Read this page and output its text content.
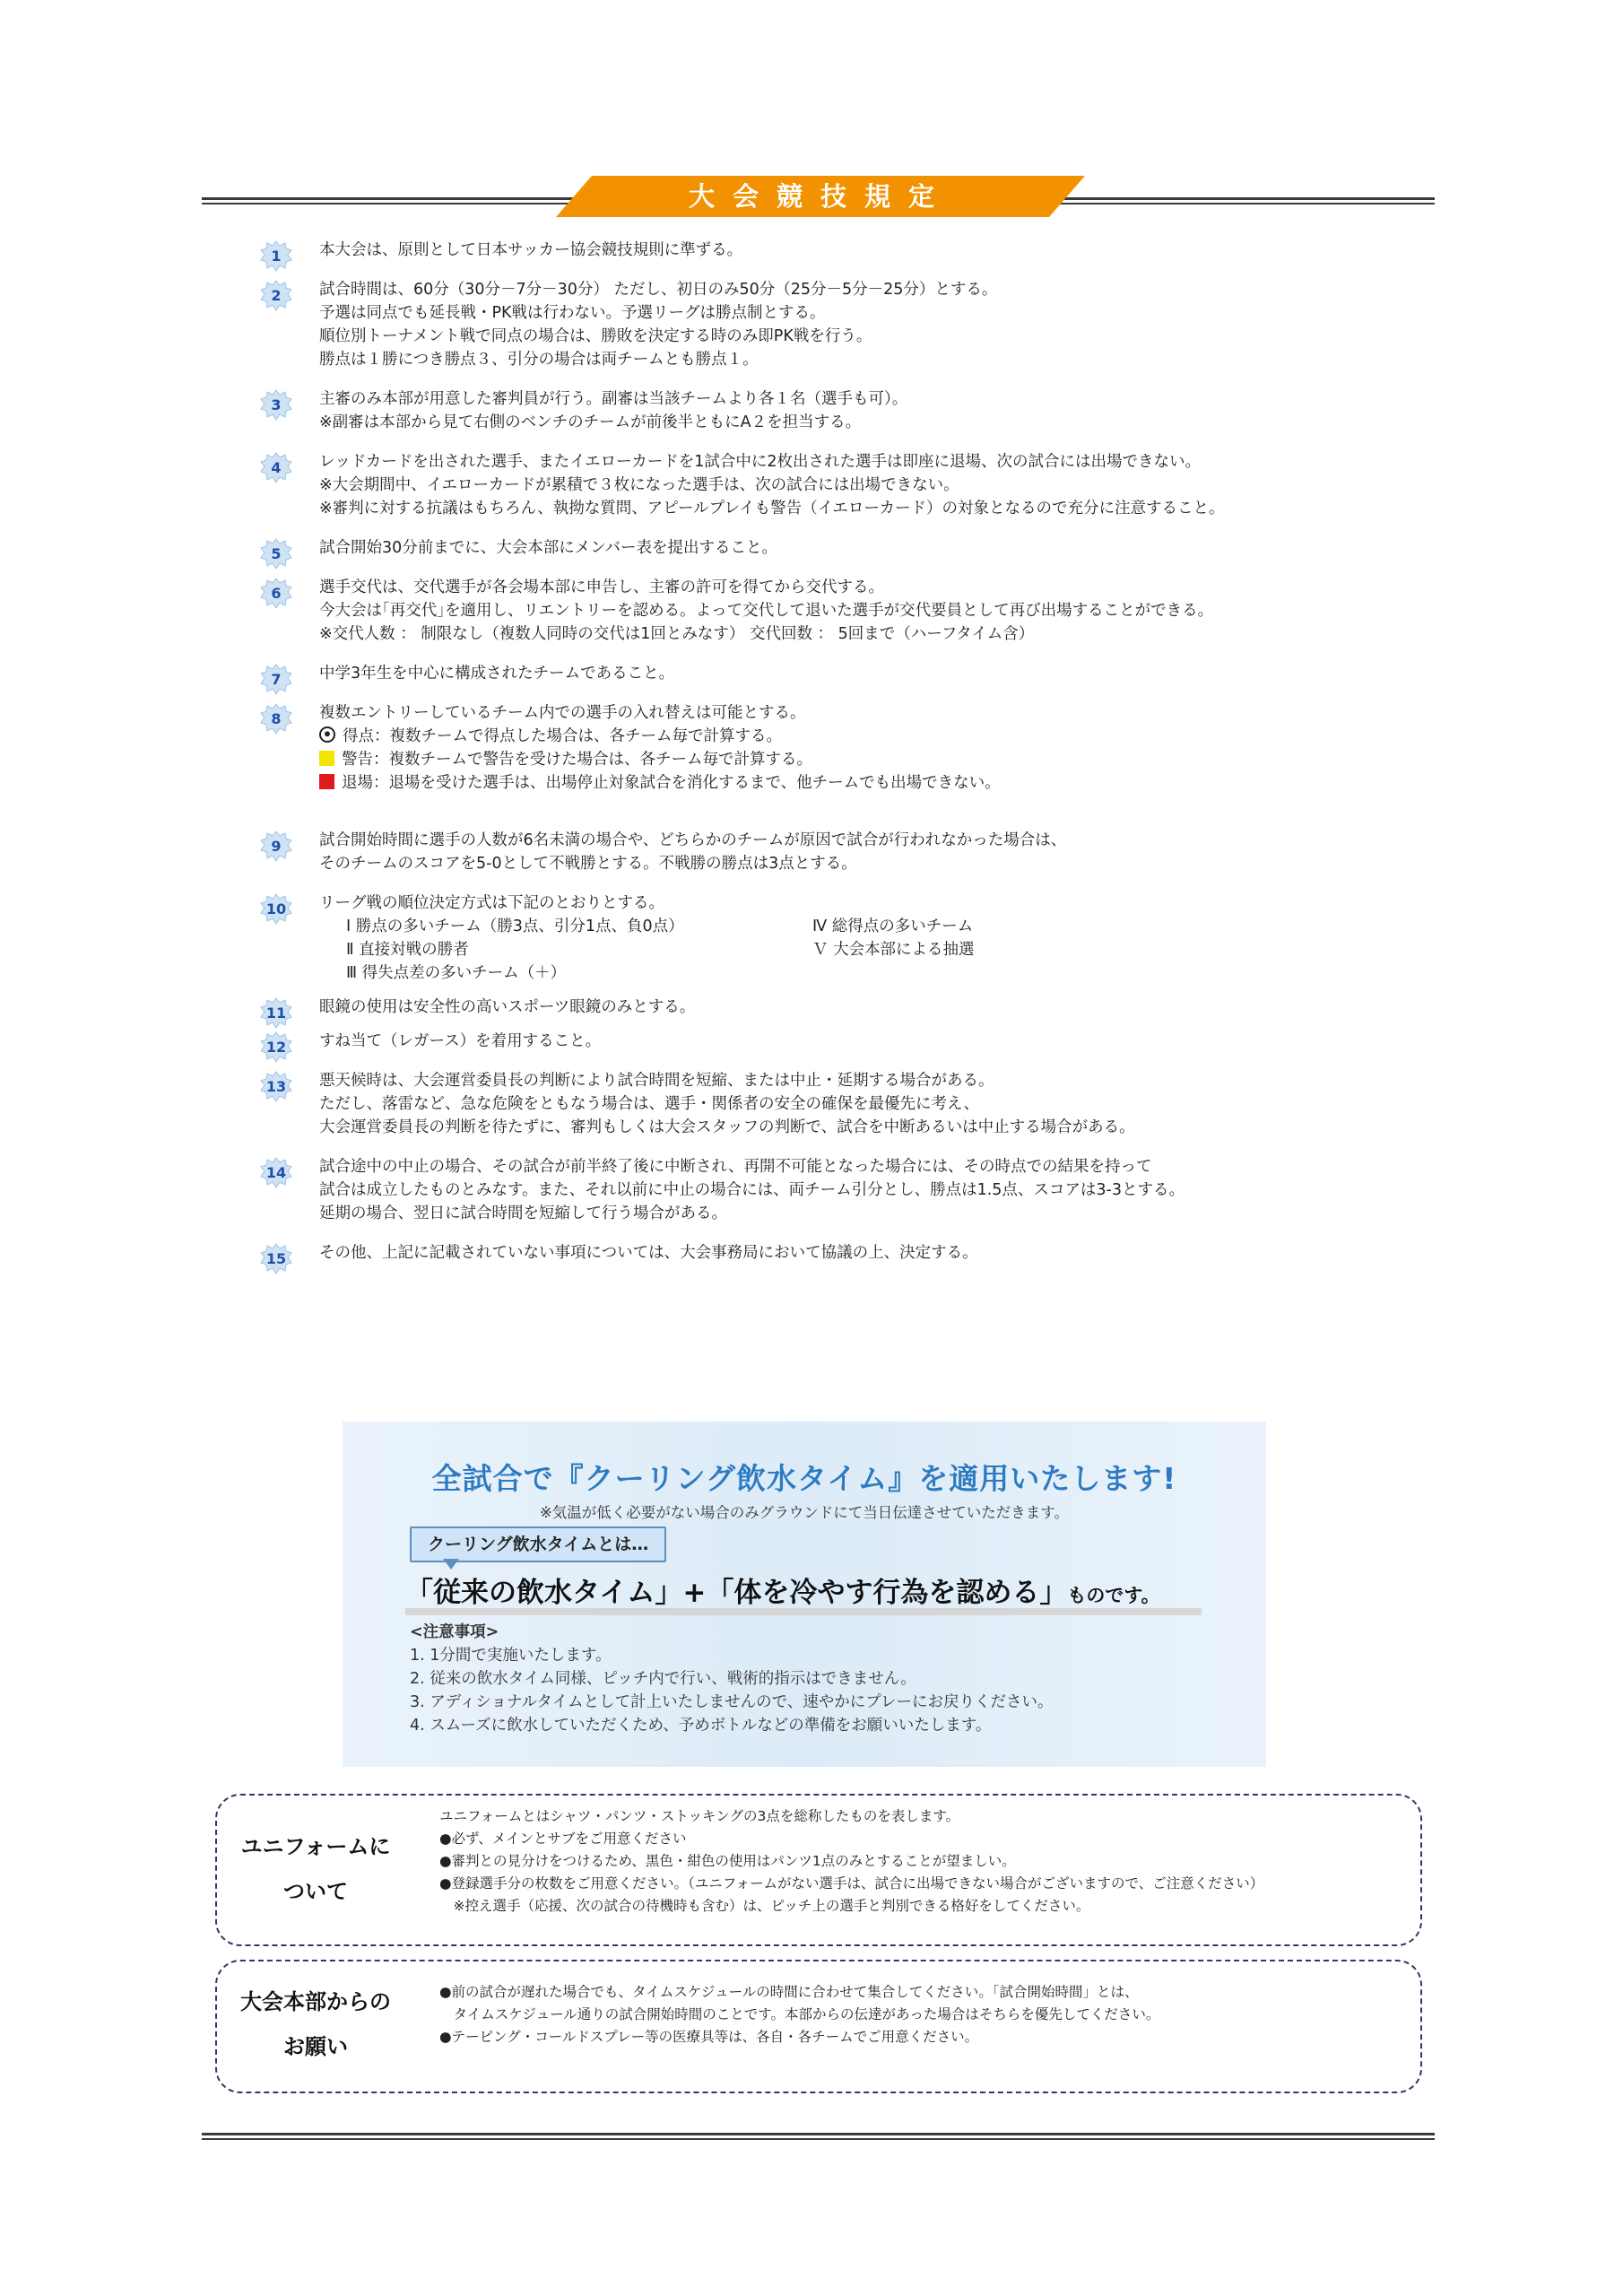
大会競技規定
1	本大会は、原則として日本サッカー協会競技規則に準ずる。
2	試合時間は、60分（30分－7分－30分） ただし、初日のみ50分（25分－5分－25分）とする。
予選は同点でも延長戦・PK戦は行わない。予選リーグは勝点制とする。
順位別トーナメント戦で同点の場合は、勝敗を決定する時のみ即PK戦を行う。
勝点は１勝につき勝点３、引分の場合は両チームとも勝点１。
3	主審のみ本部が用意した審判員が行う。副審は当該チームより各１名（選手も可）。
※副審は本部から見て右側のベンチのチームが前後半ともにA２を担当する。
4	レッドカードを出された選手、またイエローカードを1試合中に2枚出された選手は即座に退場、次の試合には出場できない。
※大会期間中、イエローカードが累積で３枚になった選手は、次の試合には出場できない。
※審判に対する抗議はもちろん、執拗な質問、アピールプレイも警告（イエローカード）の対象となるので充分に注意すること。
5	試合開始30分前までに、大会本部にメンバー表を提出すること。
6	選手交代は、交代選手が各会場本部に申告し、主審の許可を得てから交代する。
今大会は｢再交代｣を適用し、リエントリーを認める。よって交代して退いた選手が交代要員として再び出場することができる。
※交代人数 ： 制限なし（複数人同時の交代は1回とみなす） 交代回数 ： 5回まで（ハーフタイム含）
7	中学3年生を中心に構成されたチームであること。
8	複数エントリーしているチーム内での選手の入れ替えは可能とする。
得点：複数チームで得点した場合は、各チーム毎で計算する。
警告：複数チームで警告を受けた場合は、各チーム毎で計算する。
退場：退場を受けた選手は、出場停止対象試合を消化するまで、他チームでも出場できない。
9	試合開始時間に選手の人数が6名未満の場合や、どちらかのチームが原因で試合が行われなかった場合は、
そのチームのスコアを5-0として不戦勝とする。不戦勝の勝点は3点とする。
10	リーグ戦の順位決定方式は下記のとおりとする。
Ⅰ 勝点の多いチーム（勝3点、引分1点、負0点）
Ⅱ 直接対戦の勝者
Ⅲ 得失点差の多いチーム（＋）
Ⅳ 総得点の多いチーム
Ｖ 大会本部による抽選
11	眼鏡の使用は安全性の高いスポーツ眼鏡のみとする。
12	すね当て（レガース）を着用すること。
13	悪天候時は、大会運営委員長の判断により試合時間を短縮、または中止・延期する場合がある。
ただし、落雷など、急な危険をともなう場合は、選手・関係者の安全の確保を最優先に考え、
大会運営委員長の判断を待たずに、審判もしくは大会スタッフの判断で、試合を中断あるいは中止する場合がある。
14	試合途中の中止の場合、その試合が前半終了後に中断され、再開不可能となった場合には、その時点での結果を持って
試合は成立したものとみなす。また、それ以前に中止の場合には、両チーム引分とし、勝点は1.5点、スコアは3-3とする。
延期の場合、翌日に試合時間を短縮して行う場合がある。
15	その他、上記に記載されていない事項については、大会事務局において協議の上、決定する。
全試合で『クーリング飲水タイム』を適用いたします!
※気温が低く必要がない場合のみグラウンドにて当日伝達させていただきます。
クーリング飲水タイムとは…
「従来の飲水タイム」+「体を冷やす行為を認める」ものです。
<注意事項>
1. 1分間で実施いたします。
2. 従来の飲水タイム同様、ピッチ内で行い、戦術的指示はできません。
3. アディショナルタイムとして計上いたしませんので、速やかにプレーにお戻りください。
4. スムーズに飲水していただくため、予めボトルなどの準備をお願いいたします。
ユニフォームに
ついて
ユニフォームとはシャツ・パンツ・ストッキングの3点を総称したものを表します。
●必ず、メインとサブをご用意ください
●審判との見分けをつけるため、黒色・紺色の使用はパンツ1点のみとすることが望ましい。
●登録選手分の枚数をご用意ください。（ユニフォームがない選手は、試合に出場できない場合がございますので、ご注意ください）
　※控え選手（応援、次の試合の待機時も含む）は、ピッチ上の選手と判別できる格好をしてください。
大会本部からの
お願い
●前の試合が遅れた場合でも、タイムスケジュールの時間に合わせて集合してください。「試合開始時間」とは、
　タイムスケジュール通りの試合開始時間のことです。本部からの伝達があった場合はそちらを優先してください。
●テーピング・コールドスプレー等の医療具等は、各自・各チームでご用意ください。
